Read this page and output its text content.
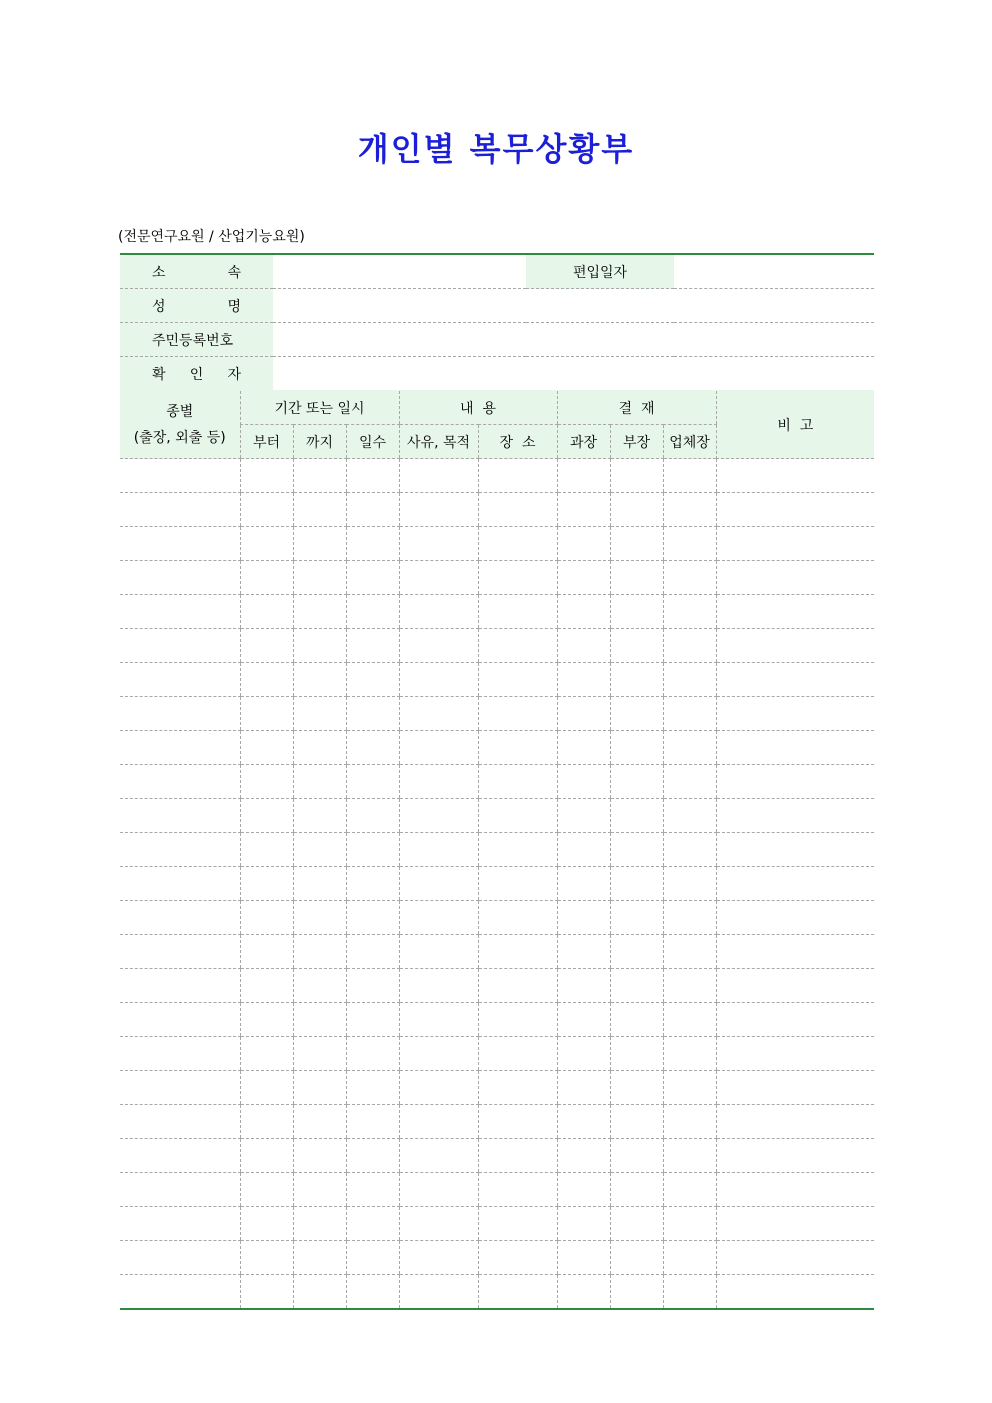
개인별 복무상황부

(전문연구요원 / 산업기능요원)

소 속		편입일자	

성 명			

주민등록번호			

확 인 자			

종별
(출장, 외출 등)	기간 또는 일시			내  용		결  재			비  고
	부터	까지	일수	사유, 목적	장  소	과장	부장	업체장	
